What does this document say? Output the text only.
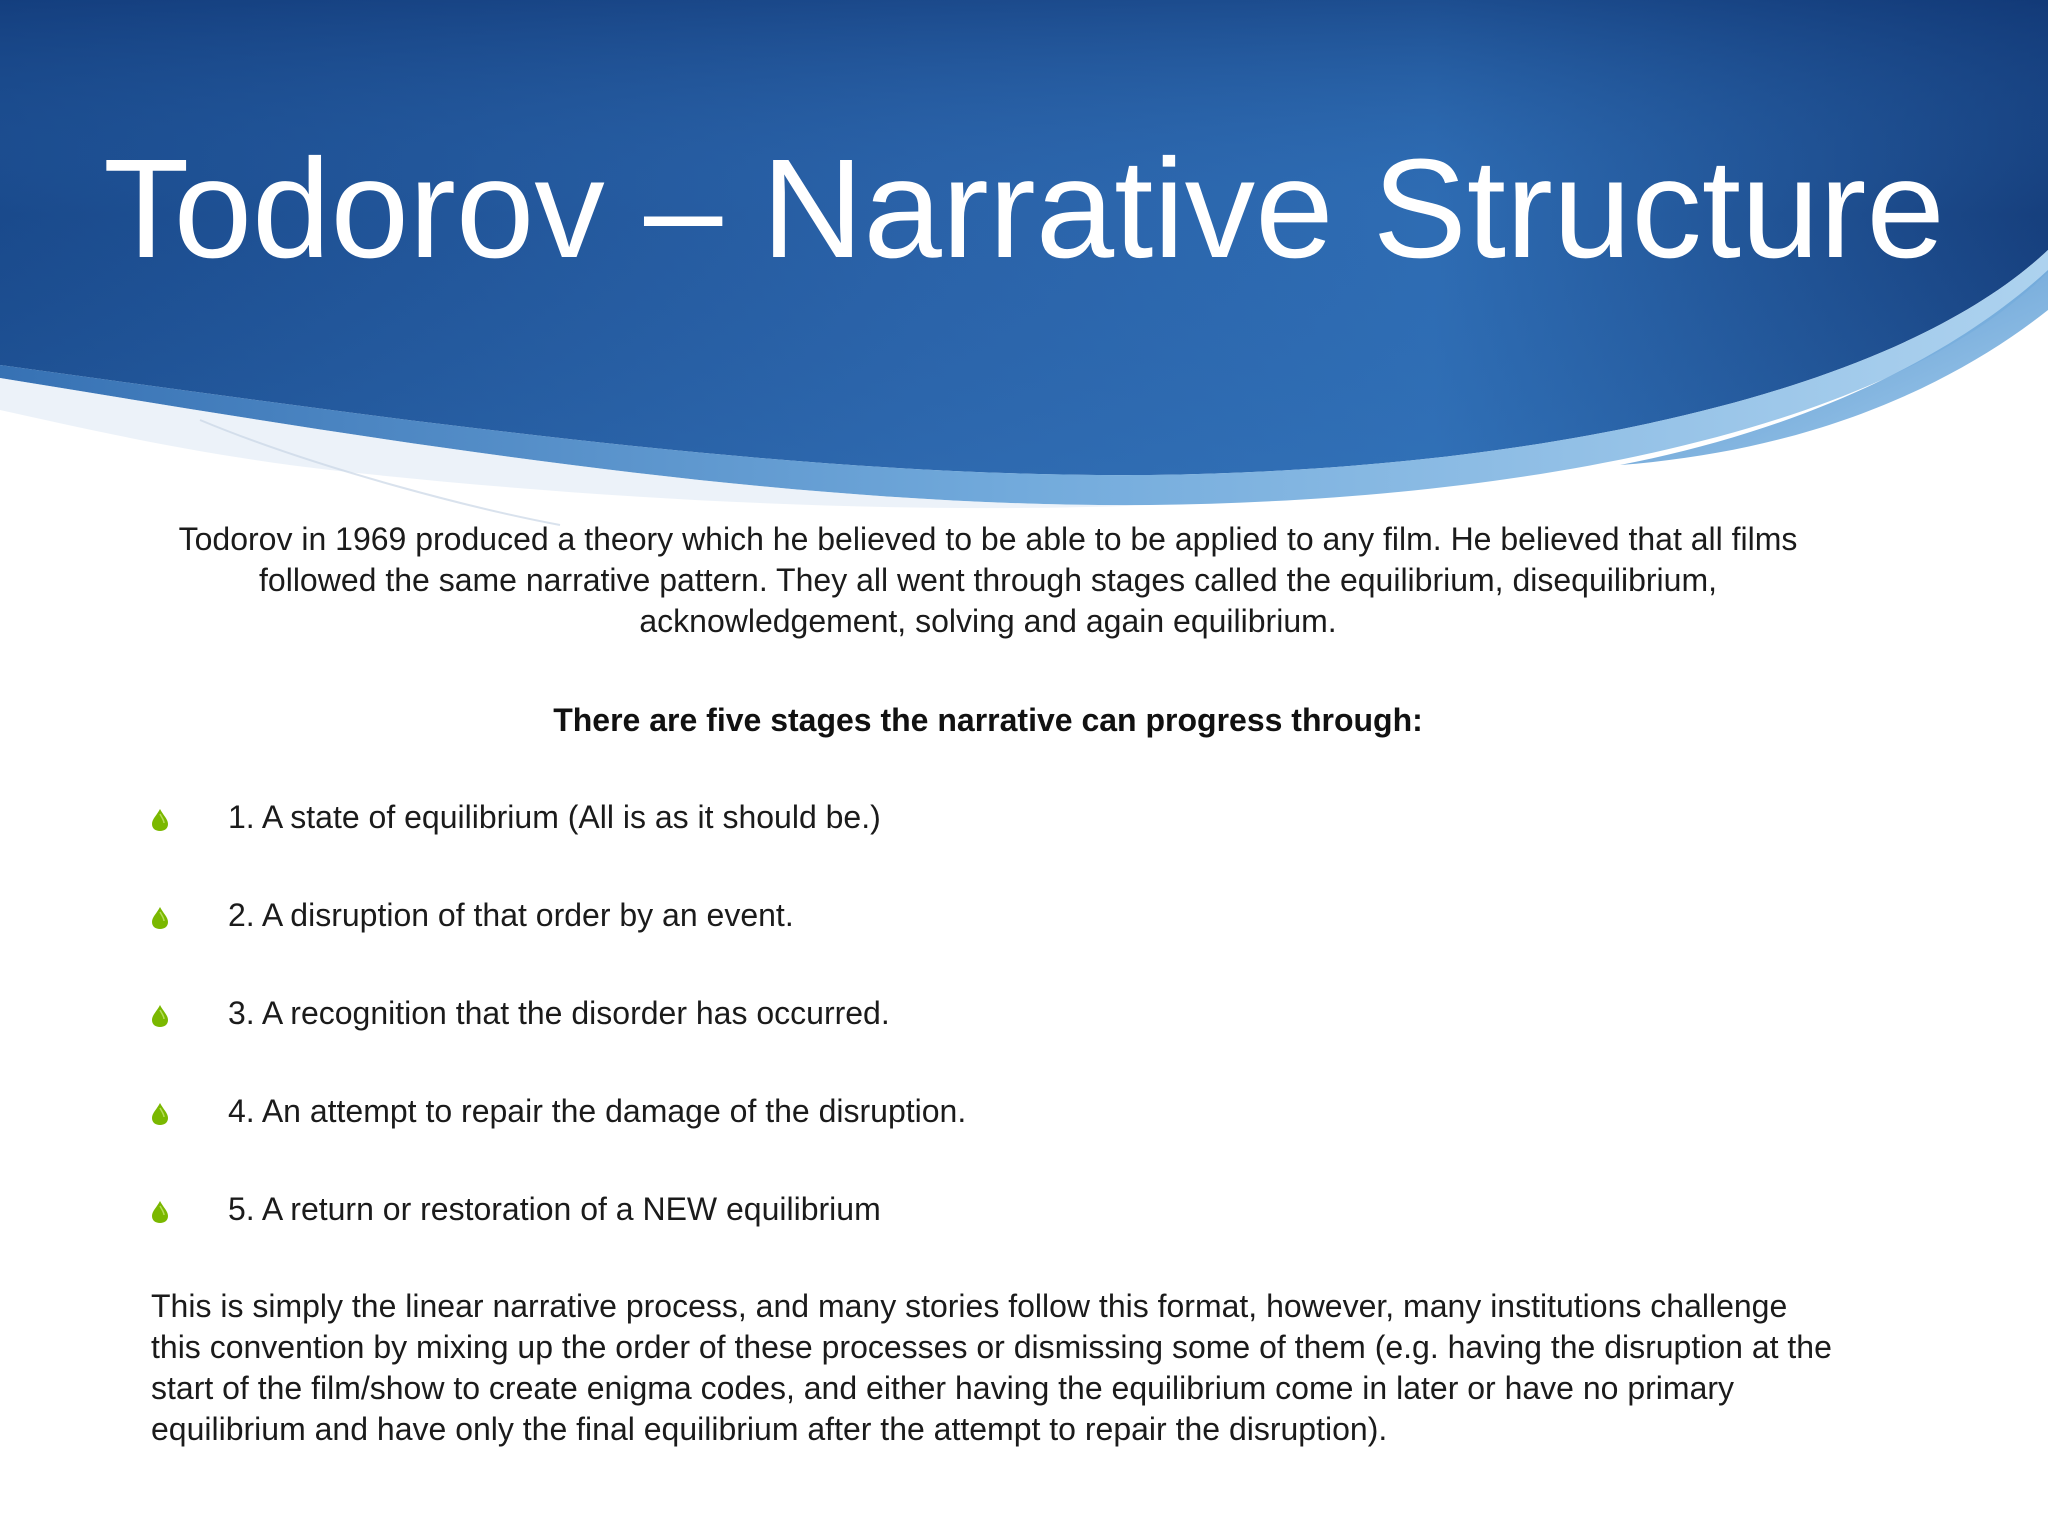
Todorov – Narrative Structure

Todorov in 1969 produced a theory which he believed to be able to be applied to any film. He believed that all films followed the same narrative pattern. They all went through stages called the equilibrium, disequilibrium, acknowledgement, solving and again equilibrium.

There are five stages the narrative can progress through:

1. A state of equilibrium (All is as it should be.)
2. A disruption of that order by an event.
3. A recognition that the disorder has occurred.
4. An attempt to repair the damage of the disruption.
5. A return or restoration of a NEW equilibrium

This is simply the linear narrative process, and many stories follow this format, however, many institutions challenge this convention by mixing up the order of these processes or dismissing some of them (e.g. having the disruption at the start of the film/show to create enigma codes, and either having the equilibrium come in later or have no primary equilibrium and have only the final equilibrium after the attempt to repair the disruption).
